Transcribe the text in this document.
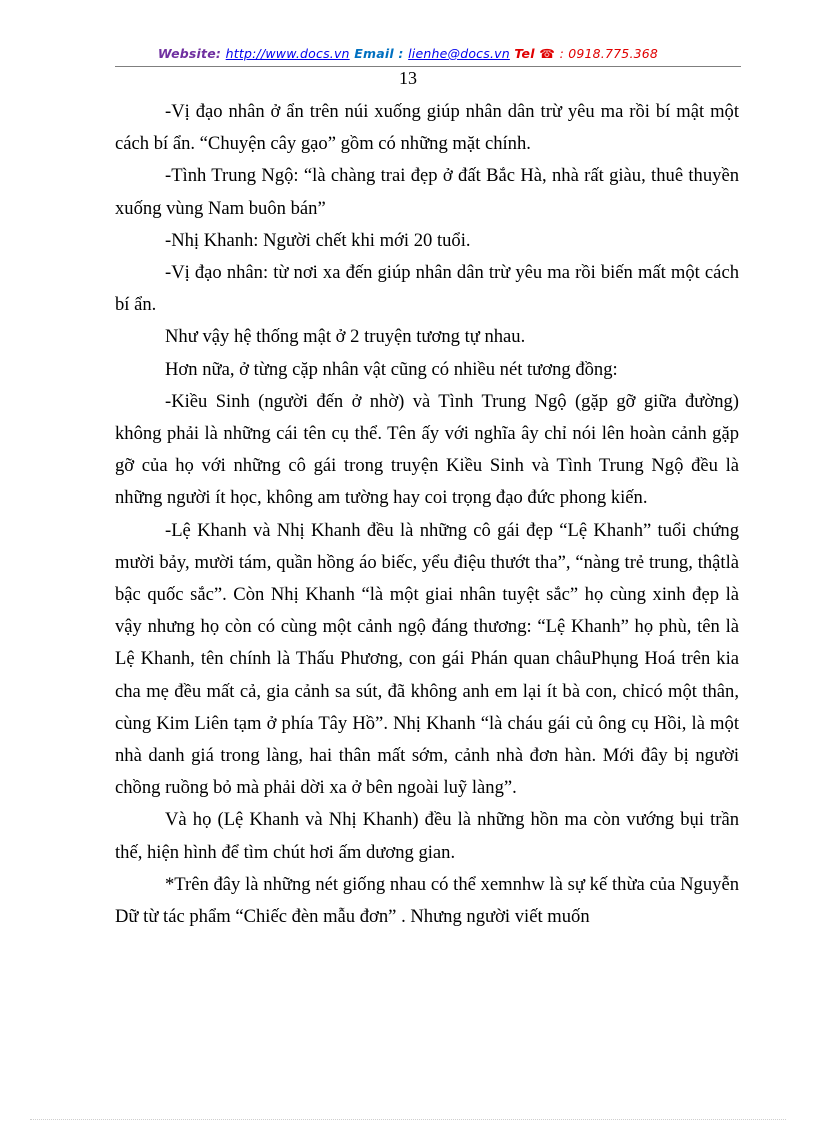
Website: http://www.docs.vn Email : lienhe@docs.vn Tel ☎ : 0918.775.368
13

-Vị đạo nhân ở ẩn trên núi xuống giúp nhân dân trừ yêu ma rồi bí mật một cách bí ẩn. “Chuyện cây gạo” gồm có những mặt chính.

-Tình Trung Ngộ: “là chàng trai đẹp ở đất Bắc Hà, nhà rất giàu, thuê thuyền xuống vùng Nam buôn bán”

-Nhị Khanh: Người chết khi mới 20 tuổi.

-Vị đạo nhân: từ nơi xa đến giúp nhân dân trừ yêu ma rồi biến mất một cách bí ẩn.

Như vậy hệ thống mật ở 2 truyện tương tự nhau.

Hơn nữa, ở từng cặp nhân vật cũng có nhiều nét tương đồng:

-Kiều Sinh (người đến ở nhờ) và Tình Trung Ngộ (gặp gỡ giữa đường) không phải là những cái tên cụ thể. Tên ấy với nghĩa ây chỉ nói lên hoàn cảnh gặp gỡ của họ với những cô gái trong truyện Kiều Sinh và Tình Trung Ngộ đều là những người ít học, không am tường hay coi trọng đạo đức phong kiến.

-Lệ Khanh và Nhị Khanh đều là những cô gái đẹp “Lệ Khanh” tuổi chứng mười bảy, mười tám, quần hồng áo biếc, yểu điệu thướt tha”, “nàng trẻ trung, thậtlà bậc quốc sắc”. Còn Nhị Khanh “là một giai nhân tuyệt sắc” họ cùng xinh đẹp là vậy nhưng họ còn có cùng một cảnh ngộ đáng thương: “Lệ Khanh” họ phù, tên là Lệ Khanh, tên chính là Thấu Phương, con gái Phán quan châuPhụng Hoá trên kia cha mẹ đều mất cả, gia cảnh sa sút, đã không anh em lại ít bà con, chỉcó một thân, cùng Kim Liên tạm ở phía Tây Hồ”. Nhị Khanh “là cháu gái củ ông cụ Hồi, là một nhà danh giá trong làng, hai thân mất sớm, cảnh nhà đơn hàn. Mới đây bị người chồng ruồng bỏ mà phải dời xa ở bên ngoài luỹ làng”.

Và họ (Lệ Khanh và Nhị Khanh) đều là những hồn ma còn vướng bụi trần thế, hiện hình để tìm chút hơi ấm dương gian.

*Trên đây là những nét giống nhau có thể xemnhw là sự kế thừa của Nguyễn Dữ từ tác phẩm “Chiếc đèn mẫu đơn” . Nhưng người viết muốn
